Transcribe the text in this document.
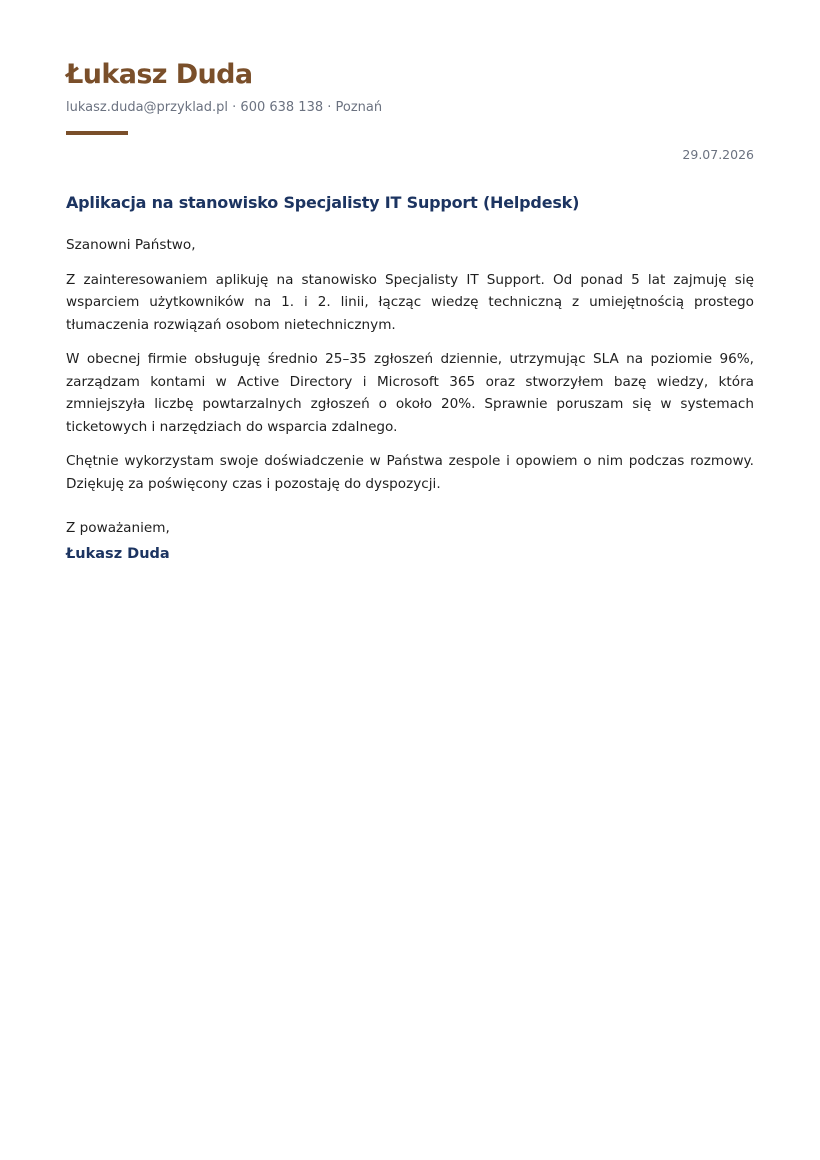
Łukasz Duda
lukasz.duda@przyklad.pl · 600 638 138 · Poznań
29.07.2026
Aplikacja na stanowisko Specjalisty IT Support (Helpdesk)

Szanowni Państwo,

Z zainteresowaniem aplikuję na stanowisko Specjalisty IT Support. Od ponad 5 lat zajmuję się wsparciem użytkowników na 1. i 2. linii, łącząc wiedzę techniczną z umiejętnością prostego tłumaczenia rozwiązań osobom nietechnicznym.

W obecnej firmie obsługuję średnio 25–35 zgłoszeń dziennie, utrzymując SLA na poziomie 96%, zarządzam kontami w Active Directory i Microsoft 365 oraz stworzyłem bazę wiedzy, która zmniejszyła liczbę powtarzalnych zgłoszeń o około 20%. Sprawnie poruszam się w systemach ticketowych i narzędziach do wsparcia zdalnego.

Chętnie wykorzystam swoje doświadczenie w Państwa zespole i opowiem o nim podczas rozmowy. Dziękuję za poświęcony czas i pozostaję do dyspozycji.

Z poważaniem,
Łukasz Duda
